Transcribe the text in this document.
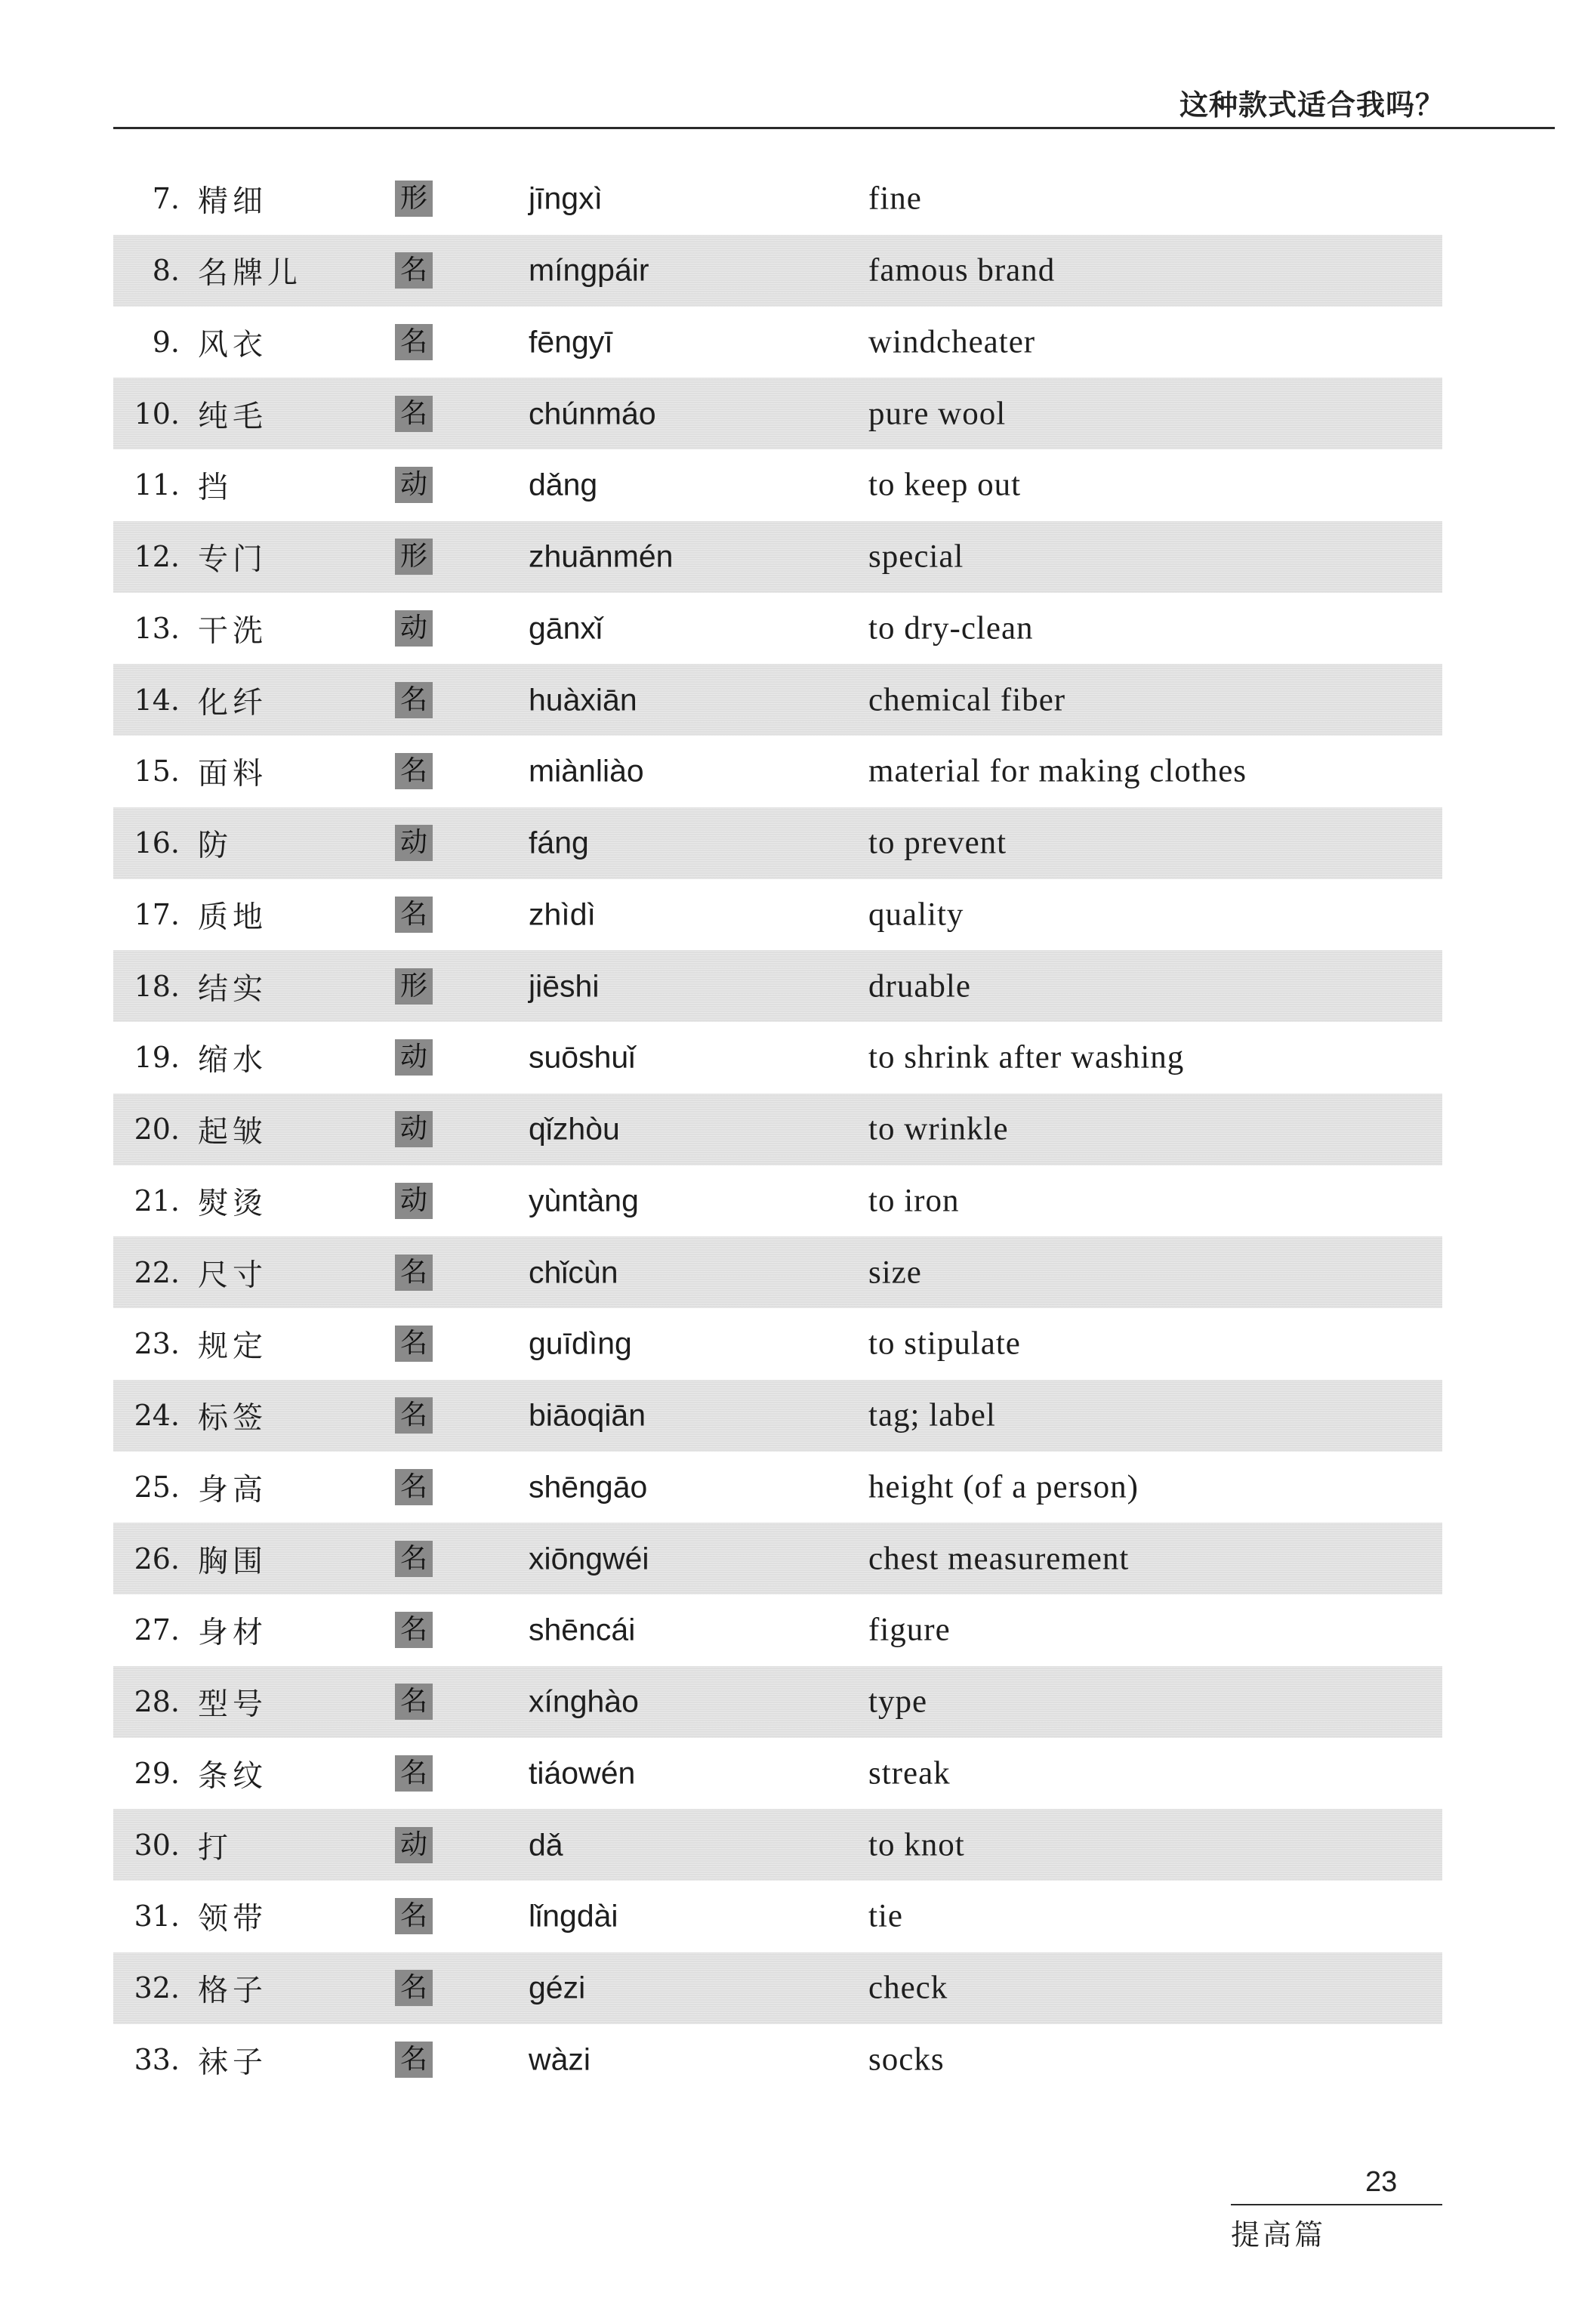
这种款式适合我吗？
7. 精细	形	jīngxì	fine
8. 名牌儿	名	míngpáir	famous brand
9. 风衣	名	fēngyī	windcheater
10. 纯毛	名	chúnmáo	pure wool
11. 挡	动	dǎng	to keep out
12. 专门	形	zhuānmén	special
13. 干洗	动	gānxǐ	to dry-clean
14. 化纤	名	huàxiān	chemical fiber
15. 面料	名	miànliào	material for making clothes
16. 防	动	fáng	to prevent
17. 质地	名	zhìdì	quality
18. 结实	形	jiēshi	druable
19. 缩水	动	suōshuǐ	to shrink after washing
20. 起皱	动	qǐzhòu	to wrinkle
21. 熨烫	动	yùntàng	to iron
22. 尺寸	名	chǐcùn	size
23. 规定	名	guīdìng	to stipulate
24. 标签	名	biāoqiān	tag; label
25. 身高	名	shēngāo	height (of a person)
26. 胸围	名	xiōngwéi	chest measurement
27. 身材	名	shēncái	figure
28. 型号	名	xínghào	type
29. 条纹	名	tiáowén	streak
30. 打	动	dǎ	to knot
31. 领带	名	lǐngdài	tie
32. 格子	名	gézi	check
33. 袜子	名	wàzi	socks
23
提高篇
